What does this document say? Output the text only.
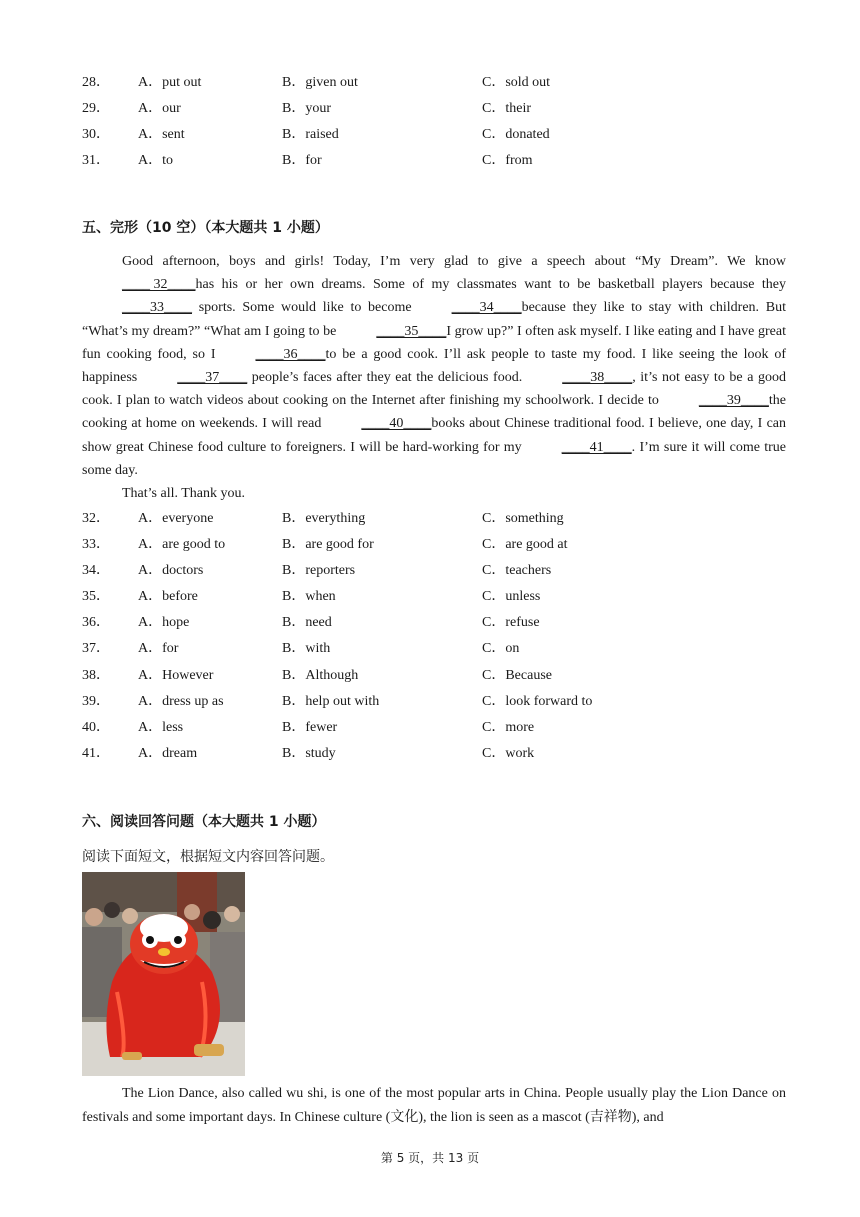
28． A．put out	B．given out	C．sold out
29． A．our	B．your	C．their
30． A．sent	B．raised	C．donated
31． A．to	B．for	C．from
五、完形（10 空）（本大题共 1 小题）

Good afternoon, boys and girls! Today, I’m very glad to give a speech about “My Dream”. We know____ 32____has his or her own dreams. Some of my classmates want to be basketball players because they____33____ sports. Some would like to become	____34____because they like to stay with children. But “What’s my dream?” “What am I going to be	____35____I grow up?” I often ask myself. I like eating and I have great fun cooking food, so I	____36____to be a good cook. I’ll ask people to taste my food. I like seeing the look of happiness	____37____ people’s faces after they eat the delicious food.	____38____, it’s not easy to be a good cook. I plan to watch videos about cooking on the Internet after finishing my schoolwork. I decide to	____39____the cooking at home on weekends. I will read	____40____books about Chinese traditional food. I believe, one day, I can show great Chinese food culture to foreigners. I will be hard-working for my	____41____. I’m sure it will come true some day.

That’s all. Thank you.

32． A．everyone	B．everything	C．something
33． A．are good to	B．are good for	C．are good at
34． A．doctors	B．reporters	C．teachers
35． A．before	B．when	C．unless
36． A．hope	B．need	C．refuse
37． A．for	B．with	C．on
38． A．However	B．Although	C．Because
39． A．dress up as	B．help out with	C．look forward to
40． A．less	B．fewer	C．more
41． A．dream	B．study	C．work
六、阅读回答问题（本大题共 1 小题）
阅读下面短文，根据短文内容回答问题。

The Lion Dance, also called wu shi, is one of the most popular arts in China. People usually play the Lion Dance on festivals and some important days. In Chinese culture (文化), the lion is seen as a mascot (吉祥物), and

第 5 页，共 13 页
